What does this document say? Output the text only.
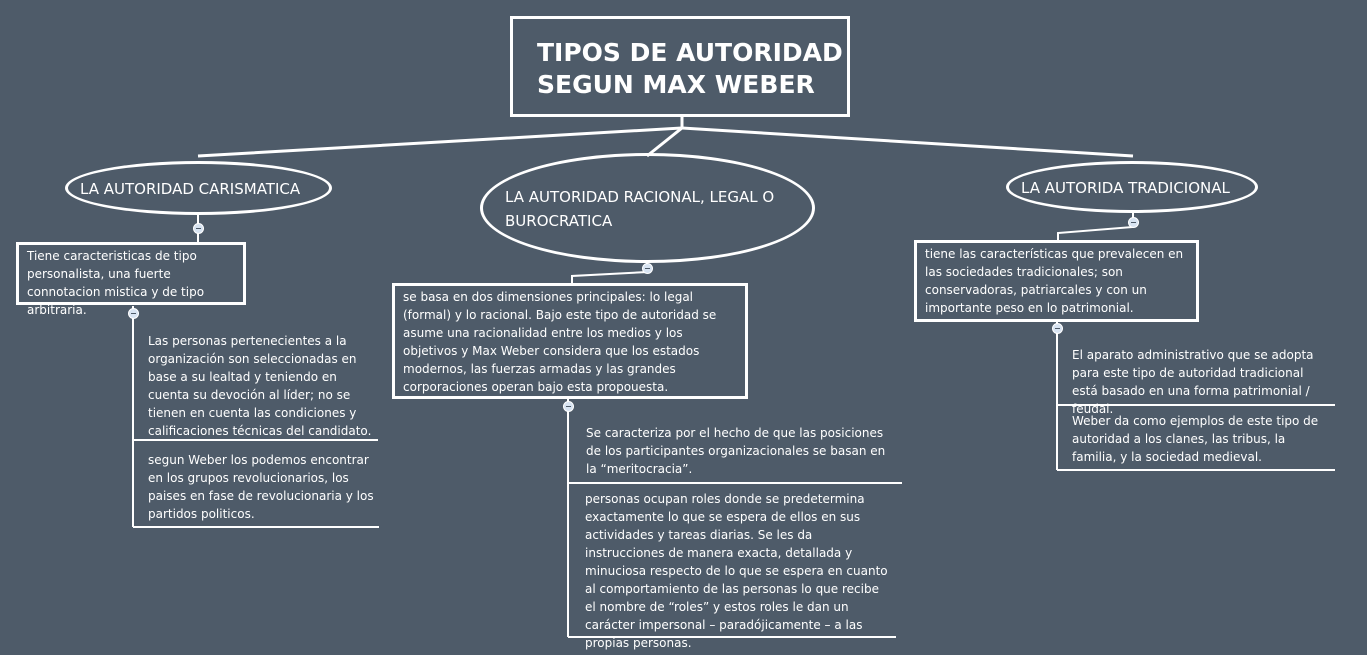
TIPOS DE AUTORIDAD
SEGUN MAX WEBER
LA AUTORIDAD CARISMATICA
Tiene caracteristicas de tipo personalista, una fuerte connotacion mistica y de tipo arbitraria.
Las personas pertenecientes a la organización son seleccionadas en base a su lealtad y teniendo en cuenta su devoción al líder; no se tienen en cuenta las condiciones y calificaciones técnicas del candidato.
segun Weber los podemos encontrar en los grupos revolucionarios, los paises en fase de revolucionaria y los partidos politicos.
LA AUTORIDAD RACIONAL, LEGAL O
BUROCRATICA
se basa en dos dimensiones principales: lo legal (formal) y lo racional. Bajo este tipo de autoridad se asume una racionalidad entre los medios y los objetivos y Max Weber considera que los estados modernos, las fuerzas armadas y las grandes corporaciones operan bajo esta propouesta.
Se caracteriza por el hecho de que las posiciones de los participantes organizacionales se basan en la “meritocracia”.
personas ocupan roles donde se predetermina exactamente lo que se espera de ellos en sus actividades y tareas diarias. Se les da instrucciones de manera exacta, detallada y minuciosa respecto de lo que se espera en cuanto al comportamiento de las personas lo que recibe el nombre de “roles” y estos roles le dan un carácter impersonal – paradójicamente – a las propias personas.
LA AUTORIDA TRADICIONAL
tiene las características que prevalecen en las sociedades tradicionales; son conservadoras, patriarcales y con un importante peso en lo patrimonial.
El aparato administrativo que se adopta para este tipo de autoridad tradicional está basado en una forma patrimonial / feudal.
Weber da como ejemplos de este tipo de autoridad a los clanes, las tribus, la familia, y la sociedad medieval.
